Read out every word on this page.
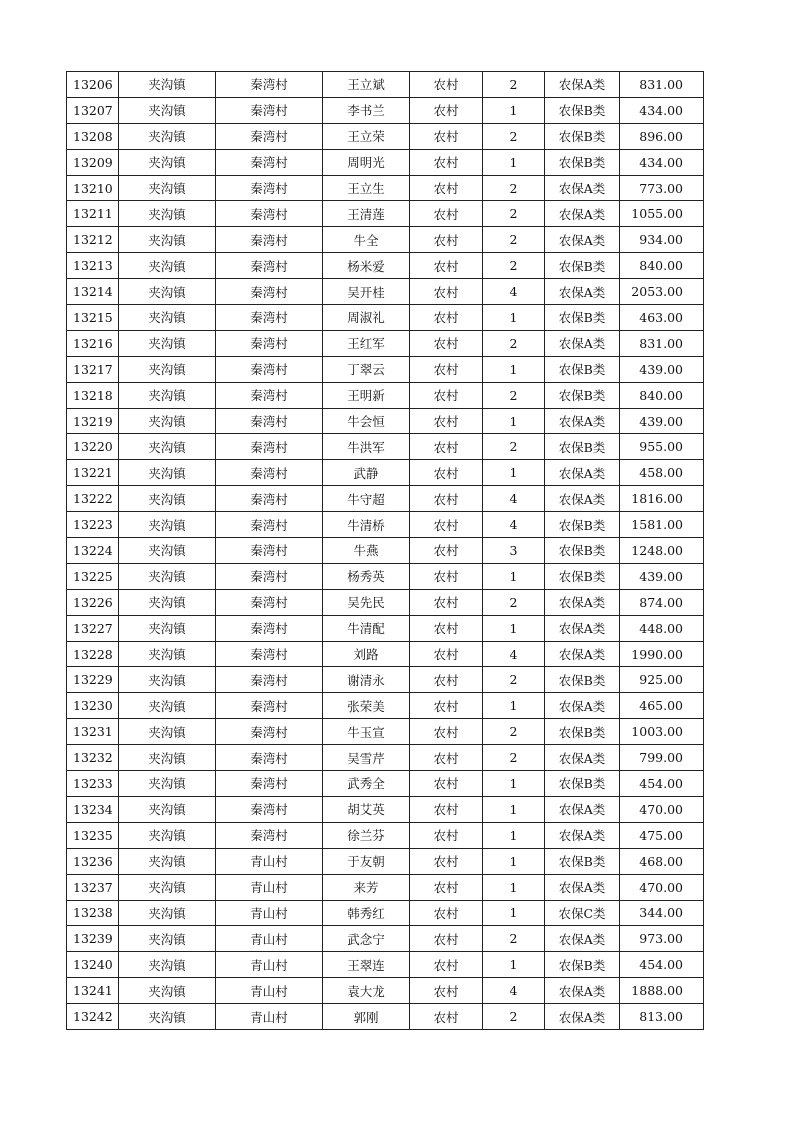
13206	夹沟镇	秦湾村	王立斌	农村	2	农保A类	831.00
13207	夹沟镇	秦湾村	李书兰	农村	1	农保B类	434.00
13208	夹沟镇	秦湾村	王立荣	农村	2	农保B类	896.00
13209	夹沟镇	秦湾村	周明光	农村	1	农保B类	434.00
13210	夹沟镇	秦湾村	王立生	农村	2	农保A类	773.00
13211	夹沟镇	秦湾村	王清莲	农村	2	农保A类	1055.00
13212	夹沟镇	秦湾村	牛全	农村	2	农保A类	934.00
13213	夹沟镇	秦湾村	杨米爱	农村	2	农保B类	840.00
13214	夹沟镇	秦湾村	吴开桂	农村	4	农保A类	2053.00
13215	夹沟镇	秦湾村	周淑礼	农村	1	农保B类	463.00
13216	夹沟镇	秦湾村	王红军	农村	2	农保A类	831.00
13217	夹沟镇	秦湾村	丁翠云	农村	1	农保B类	439.00
13218	夹沟镇	秦湾村	王明新	农村	2	农保B类	840.00
13219	夹沟镇	秦湾村	牛会恒	农村	1	农保A类	439.00
13220	夹沟镇	秦湾村	牛洪军	农村	2	农保B类	955.00
13221	夹沟镇	秦湾村	武静	农村	1	农保A类	458.00
13222	夹沟镇	秦湾村	牛守超	农村	4	农保A类	1816.00
13223	夹沟镇	秦湾村	牛清桥	农村	4	农保B类	1581.00
13224	夹沟镇	秦湾村	牛燕	农村	3	农保B类	1248.00
13225	夹沟镇	秦湾村	杨秀英	农村	1	农保B类	439.00
13226	夹沟镇	秦湾村	吴先民	农村	2	农保A类	874.00
13227	夹沟镇	秦湾村	牛清配	农村	1	农保A类	448.00
13228	夹沟镇	秦湾村	刘路	农村	4	农保A类	1990.00
13229	夹沟镇	秦湾村	谢清永	农村	2	农保B类	925.00
13230	夹沟镇	秦湾村	张荣美	农村	1	农保A类	465.00
13231	夹沟镇	秦湾村	牛玉宣	农村	2	农保B类	1003.00
13232	夹沟镇	秦湾村	吴雪芹	农村	2	农保A类	799.00
13233	夹沟镇	秦湾村	武秀全	农村	1	农保B类	454.00
13234	夹沟镇	秦湾村	胡艾英	农村	1	农保A类	470.00
13235	夹沟镇	秦湾村	徐兰芬	农村	1	农保A类	475.00
13236	夹沟镇	青山村	于友朝	农村	1	农保B类	468.00
13237	夹沟镇	青山村	来芳	农村	1	农保A类	470.00
13238	夹沟镇	青山村	韩秀红	农村	1	农保C类	344.00
13239	夹沟镇	青山村	武念宁	农村	2	农保A类	973.00
13240	夹沟镇	青山村	王翠连	农村	1	农保B类	454.00
13241	夹沟镇	青山村	袁大龙	农村	4	农保A类	1888.00
13242	夹沟镇	青山村	郭刚	农村	2	农保A类	813.00
